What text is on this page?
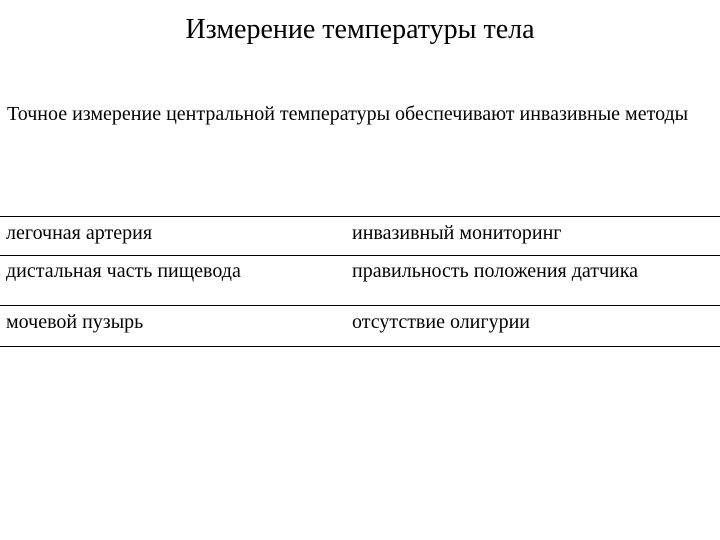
Измерение температуры тела
Точное измерение центральной температуры обеспечивают инвазивные методы
легочная артерия	инвазивный мониторинг
дистальная часть пищевода	правильность положения датчика
мочевой пузырь	отсутствие олигурии
